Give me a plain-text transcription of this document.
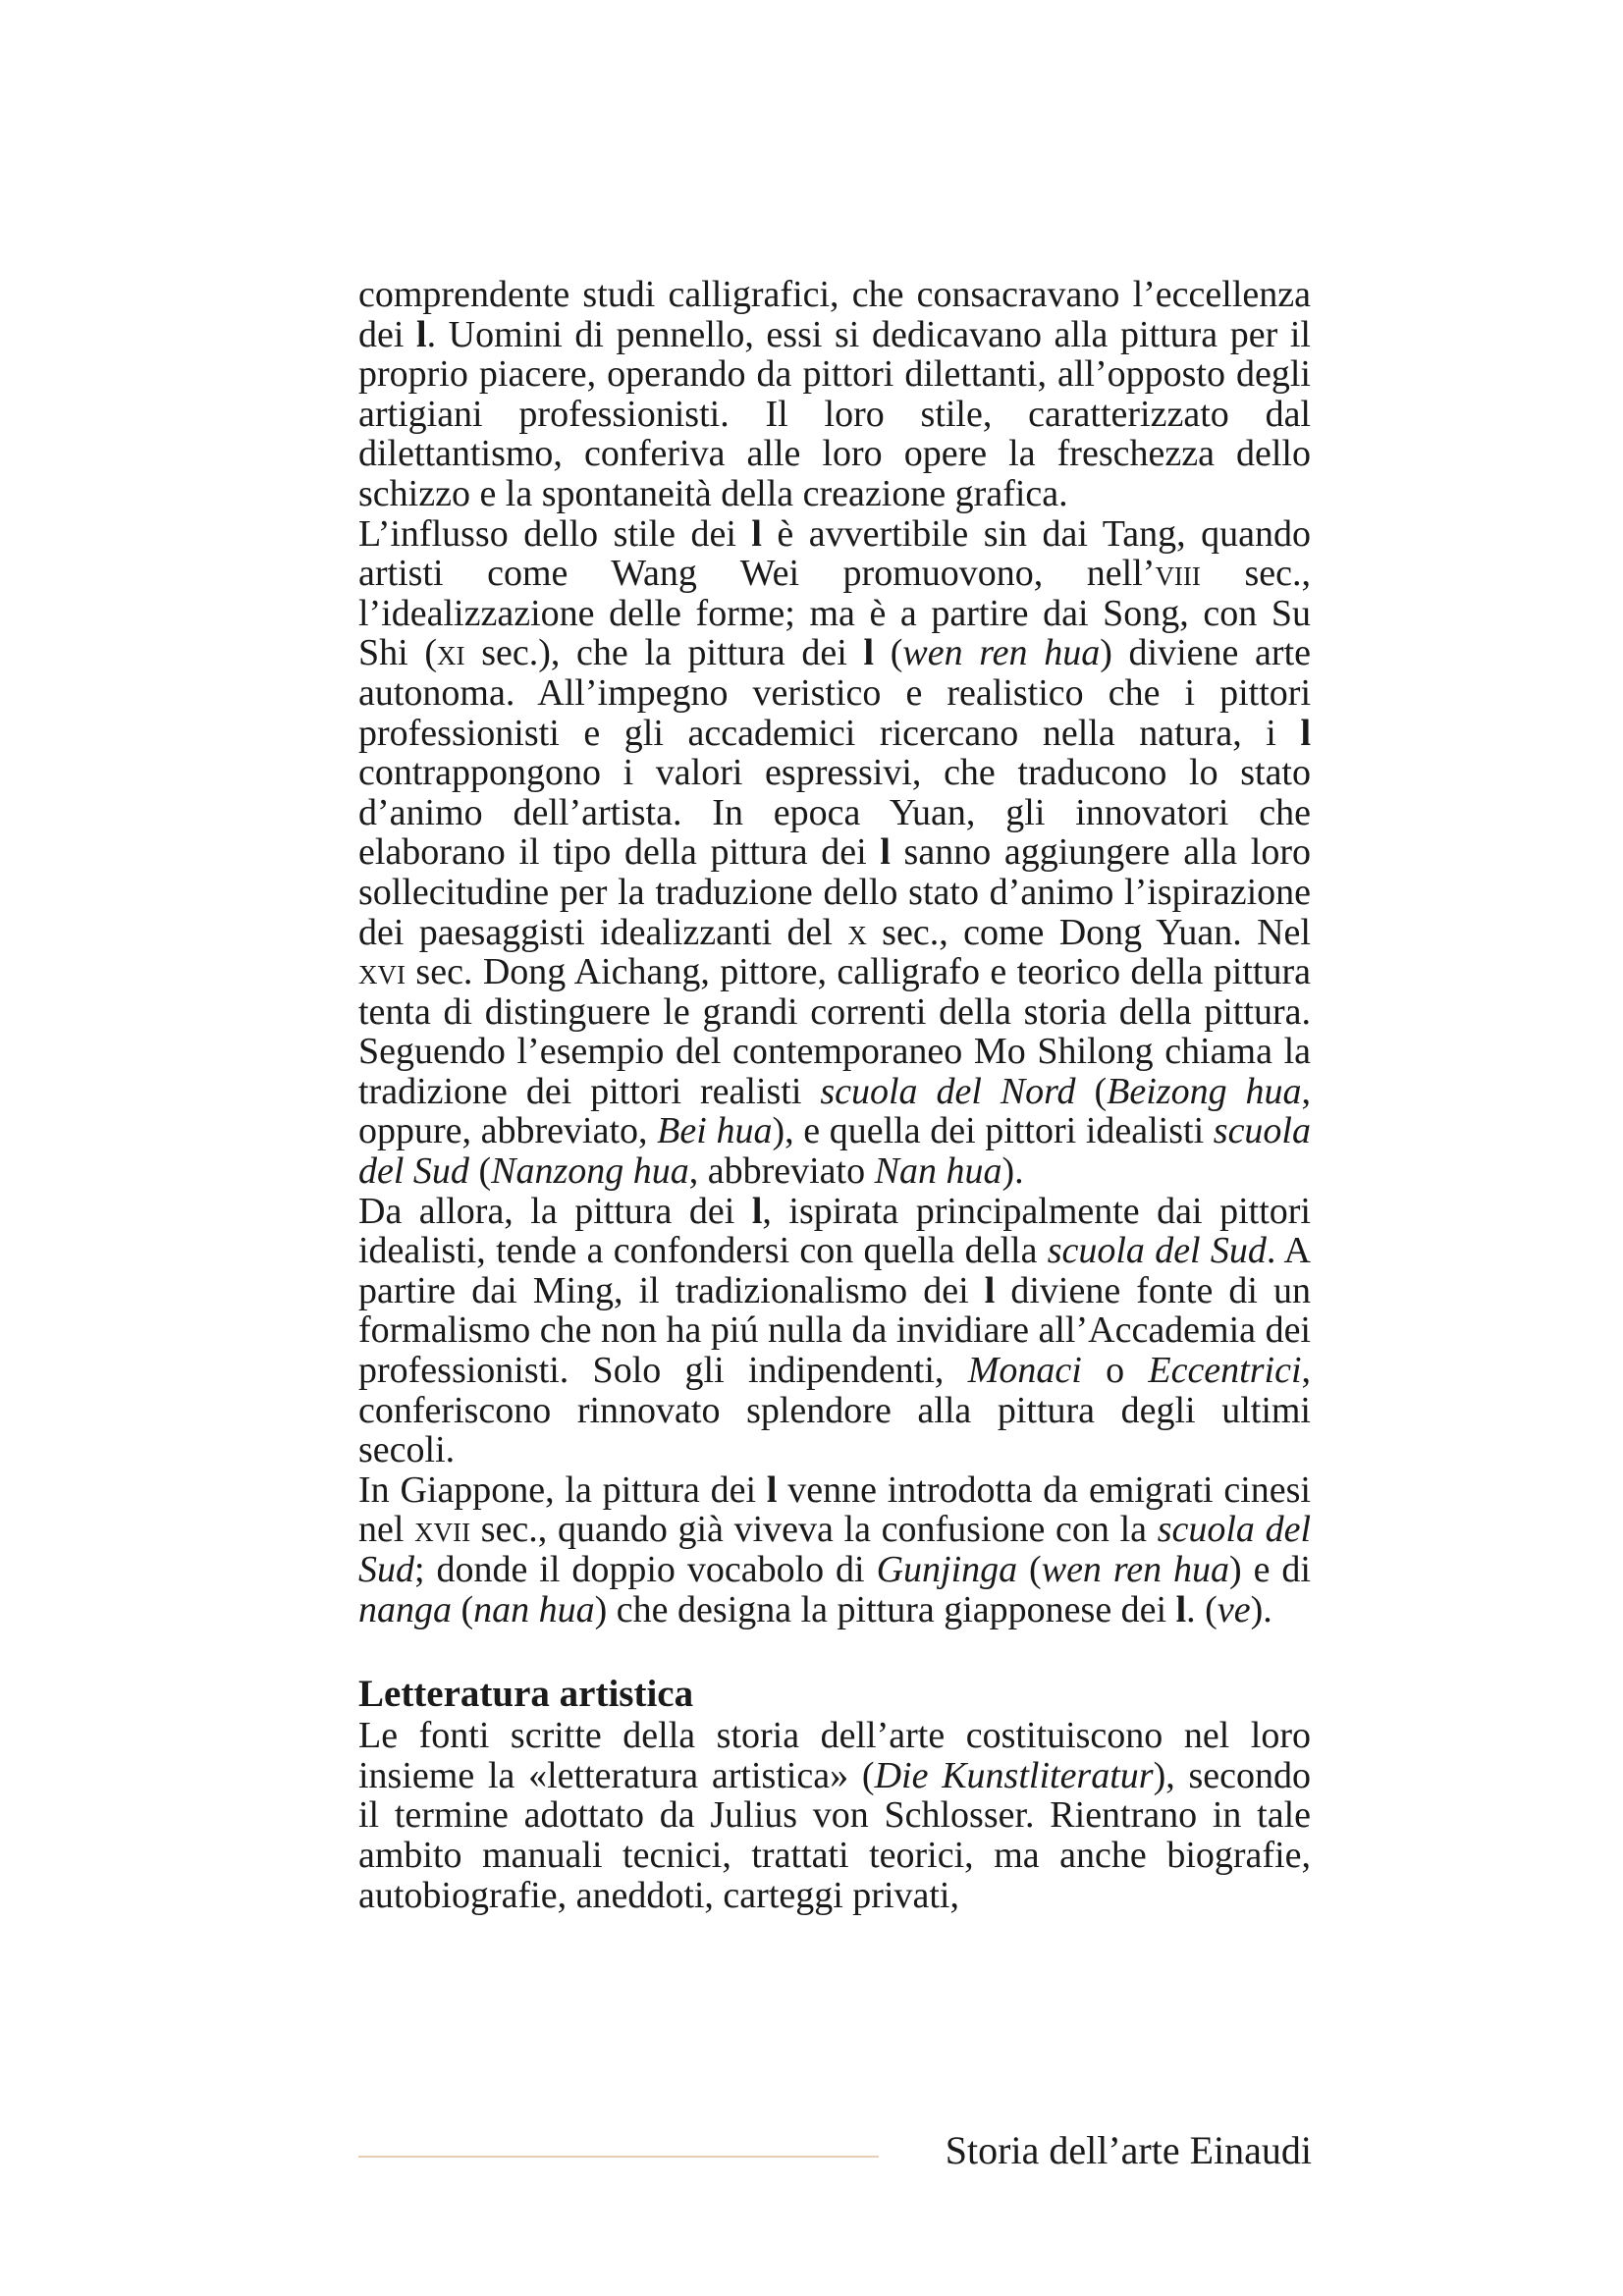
comprendente studi calligrafici, che consacravano l’eccellenza dei l. Uomini di pennello, essi si dedicavano alla pittura per il proprio piacere, operando da pittori dilettanti, all’opposto degli artigiani professionisti. Il loro stile, caratterizzato dal dilettantismo, conferiva alle loro opere la freschezza dello schizzo e la spontaneità della creazione grafica.

L’influsso dello stile dei l è avvertibile sin dai Tang, quando artisti come Wang Wei promuovono, nell’viii sec., l’idealizzazione delle forme; ma è a partire dai Song, con Su Shi (xi sec.), che la pittura dei l (wen ren hua) diviene arte autonoma. All’impegno veristico e realistico che i pittori professionisti e gli accademici ricercano nella natura, i l contrappongono i valori espressivi, che traducono lo stato d’animo dell’artista. In epoca Yuan, gli innovatori che elaborano il tipo della pittura dei l sanno aggiungere alla loro sollecitudine per la traduzione dello stato d’animo l’ispirazione dei paesaggisti idealizzanti del x sec., come Dong Yuan. Nel xvi sec. Dong Aichang, pittore, calligrafo e teorico della pittura tenta di distinguere le grandi correnti della storia della pittura. Seguendo l’esempio del contemporaneo Mo Shilong chiama la tradizione dei pittori realisti scuola del Nord (Beizong hua, oppure, abbreviato, Bei hua), e quella dei pittori idealisti scuola del Sud (Nanzong hua, abbreviato Nan hua).

Da allora, la pittura dei l, ispirata principalmente dai pittori idealisti, tende a confondersi con quella della scuola del Sud. A partire dai Ming, il tradizionalismo dei l diviene fonte di un formalismo che non ha piú nulla da invidiare all’Accademia dei professionisti. Solo gli indipendenti, Monaci o Eccentrici, conferiscono rinnovato splendore alla pittura degli ultimi secoli.

In Giappone, la pittura dei l venne introdotta da emigrati cinesi nel xvii sec., quando già viveva la confusione con la scuola del Sud; donde il doppio vocabolo di Gunjinga (wen ren hua) e di nanga (nan hua) che designa la pittura giapponese dei l. (ve).

Letteratura artistica

Le fonti scritte della storia dell’arte costituiscono nel loro insieme la «letteratura artistica» (Die Kunstliteratur), secondo il termine adottato da Julius von Schlosser. Rientrano in tale ambito manuali tecnici, trattati teorici, ma anche biografie, autobiografie, aneddoti, carteggi privati,

Storia dell’arte Einaudi
